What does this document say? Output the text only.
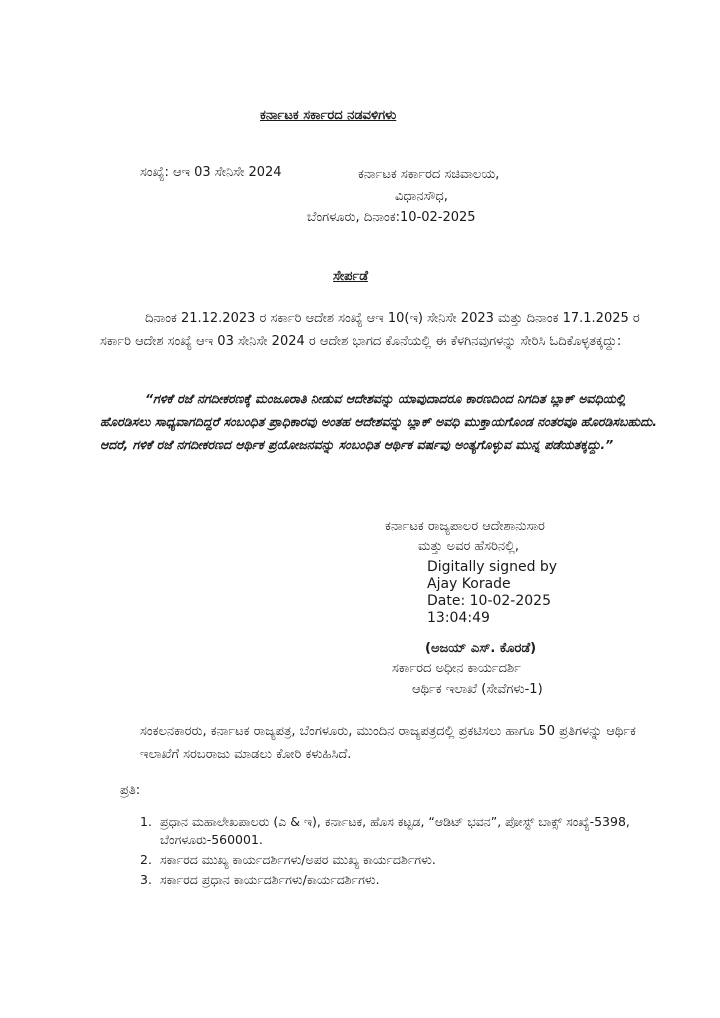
ಕರ್ನಾಟಕ ಸರ್ಕಾರದ ನಡವಳಿಗಳು
ಸಂಖ್ಯೆ: ಆಇ 03 ಸೇನಿಸೇ 2024	ಕರ್ನಾಟಕ ಸರ್ಕಾರದ ಸಚಿವಾಲಯ,
ವಿಧಾನಸೌಧ,
ಬೆಂಗಳೂರು, ದಿನಾಂಕ:10-02-2025
ಸೇರ್ಪಡೆ
ದಿನಾಂಕ 21.12.2023 ರ ಸರ್ಕಾರಿ ಆದೇಶ ಸಂಖ್ಯೆ ಆಇ 10(ಇ) ಸೇನಿಸೇ 2023 ಮತ್ತು ದಿನಾಂಕ 17.1.2025 ರ ಸರ್ಕಾರಿ ಆದೇಶ ಸಂಖ್ಯೆ ಆಇ 03 ಸೇನಿಸೇ 2024 ರ ಆದೇಶ ಭಾಗದ ಕೊನೆಯಲ್ಲಿ ಈ ಕೆಳಗಿನವುಗಳನ್ನು ಸೇರಿಸಿ ಓದಿಕೊಳ್ಳತಕ್ಕದ್ದು:
“ಗಳಿಕೆ ರಜೆ ನಗದೀಕರಣಕ್ಕೆ ಮಂಜೂರಾತಿ ನೀಡುವ ಆದೇಶವನ್ನು ಯಾವುದಾದರೂ ಕಾರಣದಿಂದ ನಿಗದಿತ ಬ್ಲಾಕ್ ಅವಧಿಯಲ್ಲಿ ಹೊರಡಿಸಲು ಸಾಧ್ಯವಾಗದಿದ್ದರೆ ಸಂಬಂಧಿತ ಪ್ರಾಧಿಕಾರವು ಅಂತಹ ಆದೇಶವನ್ನು ಬ್ಲಾಕ್ ಅವಧಿ ಮುಕ್ತಾಯಗೊಂಡ ನಂತರವೂ ಹೊರಡಿಸಬಹುದು. ಆದರೆ, ಗಳಿಕೆ ರಜೆ ನಗದೀಕರಣದ ಆರ್ಥಿಕ ಪ್ರಯೋಜನವನ್ನು ಸಂಬಂಧಿತ ಆರ್ಥಿಕ ವರ್ಷವು ಅಂತ್ಯಗೊಳ್ಳುವ ಮುನ್ನ ಪಡೆಯತಕ್ಕದ್ದು.”
ಕರ್ನಾಟಕ ರಾಜ್ಯಪಾಲರ ಆದೇಶಾನುಸಾರ
ಮತ್ತು ಅವರ ಹೆಸರಿನಲ್ಲಿ,
Digitally signed by
Ajay Korade
Date: 10-02-2025
13:04:49
(ಅಜಯ್ ಎಸ್. ಕೊರಡೆ)
ಸರ್ಕಾರದ ಅಧೀನ ಕಾರ್ಯದರ್ಶಿ
ಆರ್ಥಿಕ ಇಲಾಖೆ (ಸೇವೆಗಳು-1)
ಸಂಕಲನಕಾರರು, ಕರ್ನಾಟಕ ರಾಜ್ಯಪತ್ರ, ಬೆಂಗಳೂರು, ಮುಂದಿನ ರಾಜ್ಯಪತ್ರದಲ್ಲಿ ಪ್ರಕಟಿಸಲು ಹಾಗೂ 50 ಪ್ರತಿಗಳನ್ನು ಆರ್ಥಿಕ ಇಲಾಖೆಗೆ ಸರಬರಾಜು ಮಾಡಲು ಕೋರಿ ಕಳುಹಿಸಿದೆ.
ಪ್ರತಿ:
1. ಪ್ರಧಾನ ಮಹಾಲೇಖಪಾಲರು (ಎ & ಇ), ಕರ್ನಾಟಕ, ಹೊಸ ಕಟ್ಟಡ, “ಆಡಿಟ್ ಭವನ”, ಪೋಸ್ಟ್ ಬಾಕ್ಸ್ ಸಂಖ್ಯೆ-5398, ಬೆಂಗಳೂರು-560001.
2. ಸರ್ಕಾರದ ಮುಖ್ಯ ಕಾರ್ಯದರ್ಶಿಗಳು/ಅಪರ ಮುಖ್ಯ ಕಾರ್ಯದರ್ಶಿಗಳು.
3. ಸರ್ಕಾರದ ಪ್ರಧಾನ ಕಾರ್ಯದರ್ಶಿಗಳು/ಕಾರ್ಯದರ್ಶಿಗಳು.
